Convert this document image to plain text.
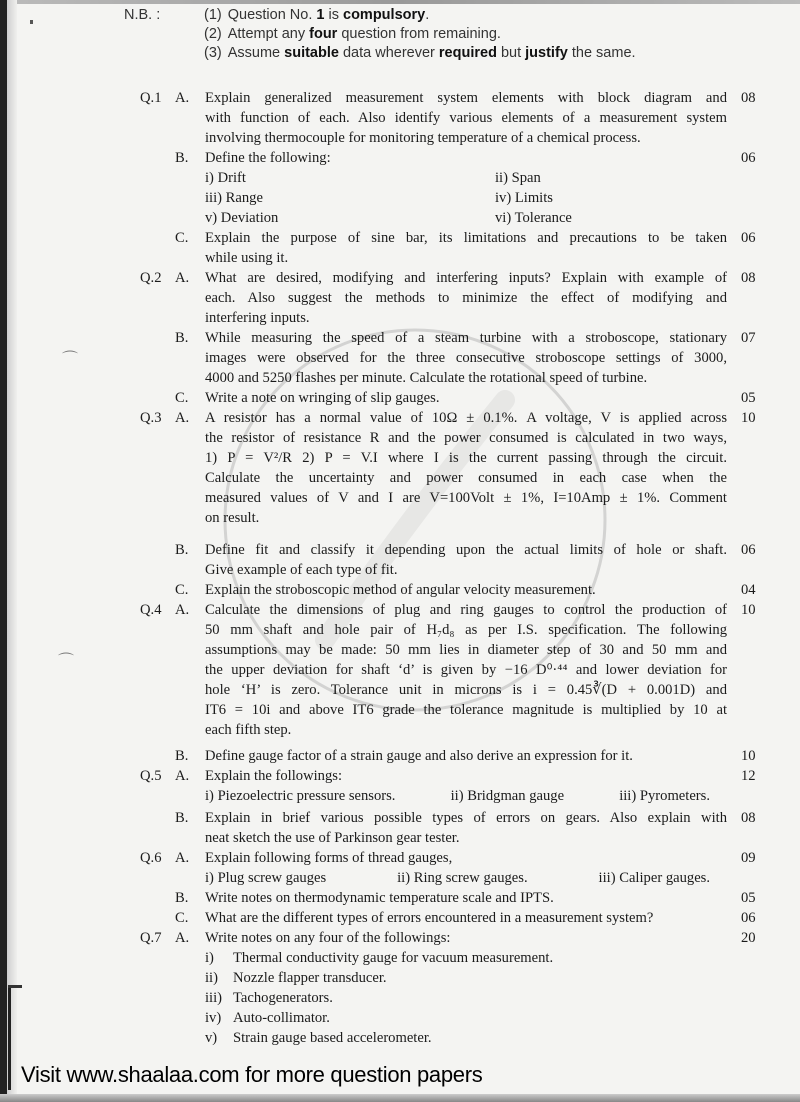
⌒
⌒
N.B. :	(1) Question No. 1 is compulsory.
(2) Attempt any four question from remaining.
(3) Assume suitable data wherever required but justify the same.
Q.1 A.	Explain generalized measurement system elements with block diagram and
with function of each. Also identify various elements of a measurement system
involving thermocouple for monitoring temperature of a chemical process.
08
B.	Define the following:
i) Drift	ii) Span
iii) Range	iv) Limits
v) Deviation	vi) Tolerance
06
C.	Explain the purpose of sine bar, its limitations and precautions to be taken
while using it.
06
Q.2 A.	What are desired, modifying and interfering inputs? Explain with example of
each. Also suggest the methods to minimize the effect of modifying and
interfering inputs.
08
B.	While measuring the speed of a steam turbine with a stroboscope, stationary
images were observed for the three consecutive stroboscope settings of 3000,
4000 and 5250 flashes per minute. Calculate the rotational speed of turbine.
07
C.	Write a note on wringing of slip gauges.	05
Q.3 A.	A resistor has a normal value of 10Ω ± 0.1%. A voltage, V is applied across
the resistor of resistance R and the power consumed is calculated in two ways,
1) P = V²/R 2) P = V.I where I is the current passing through the circuit.
Calculate the uncertainty and power consumed in each case when the
measured values of V and I are V=100Volt ± 1%, I=10Amp ± 1%. Comment
on result.
10
B.	Define fit and classify it depending upon the actual limits of hole or shaft.
Give example of each type of fit.
06
C.	Explain the stroboscopic method of angular velocity measurement.	04
Q.4 A.	Calculate the dimensions of plug and ring gauges to control the production of
50 mm shaft and hole pair of H₇d₈ as per I.S. specification. The following
assumptions may be made: 50 mm lies in diameter step of 30 and 50 mm and
the upper deviation for shaft ‘d’ is given by −16 D⁰·⁴⁴ and lower deviation for
hole ‘H’ is zero. Tolerance unit in microns is i = 0.45∛(D + 0.001D) and
IT6 = 10i and above IT6 grade the tolerance magnitude is multiplied by 10 at
each fifth step.
10
B.	Define gauge factor of a strain gauge and also derive an expression for it.	10
Q.5 A.	Explain the followings:
i) Piezoelectric pressure sensors.	ii) Bridgman gauge	iii) Pyrometers.
12
B.	Explain in brief various possible types of errors on gears. Also explain with
neat sketch the use of Parkinson gear tester.
08
Q.6 A.	Explain following forms of thread gauges,
i) Plug screw gauges	ii) Ring screw gauges.	iii) Caliper gauges.
09
B.	Write notes on thermodynamic temperature scale and IPTS.	05
C.	What are the different types of errors encountered in a measurement system?	06
Q.7 A.	Write notes on any four of the followings:
i)	Thermal conductivity gauge for vacuum measurement.
ii)	Nozzle flapper transducer.
iii) Tachogenerators.
iv) Auto-collimator.
v)	Strain gauge based accelerometer.
20
Visit www.shaalaa.com for more question papers
